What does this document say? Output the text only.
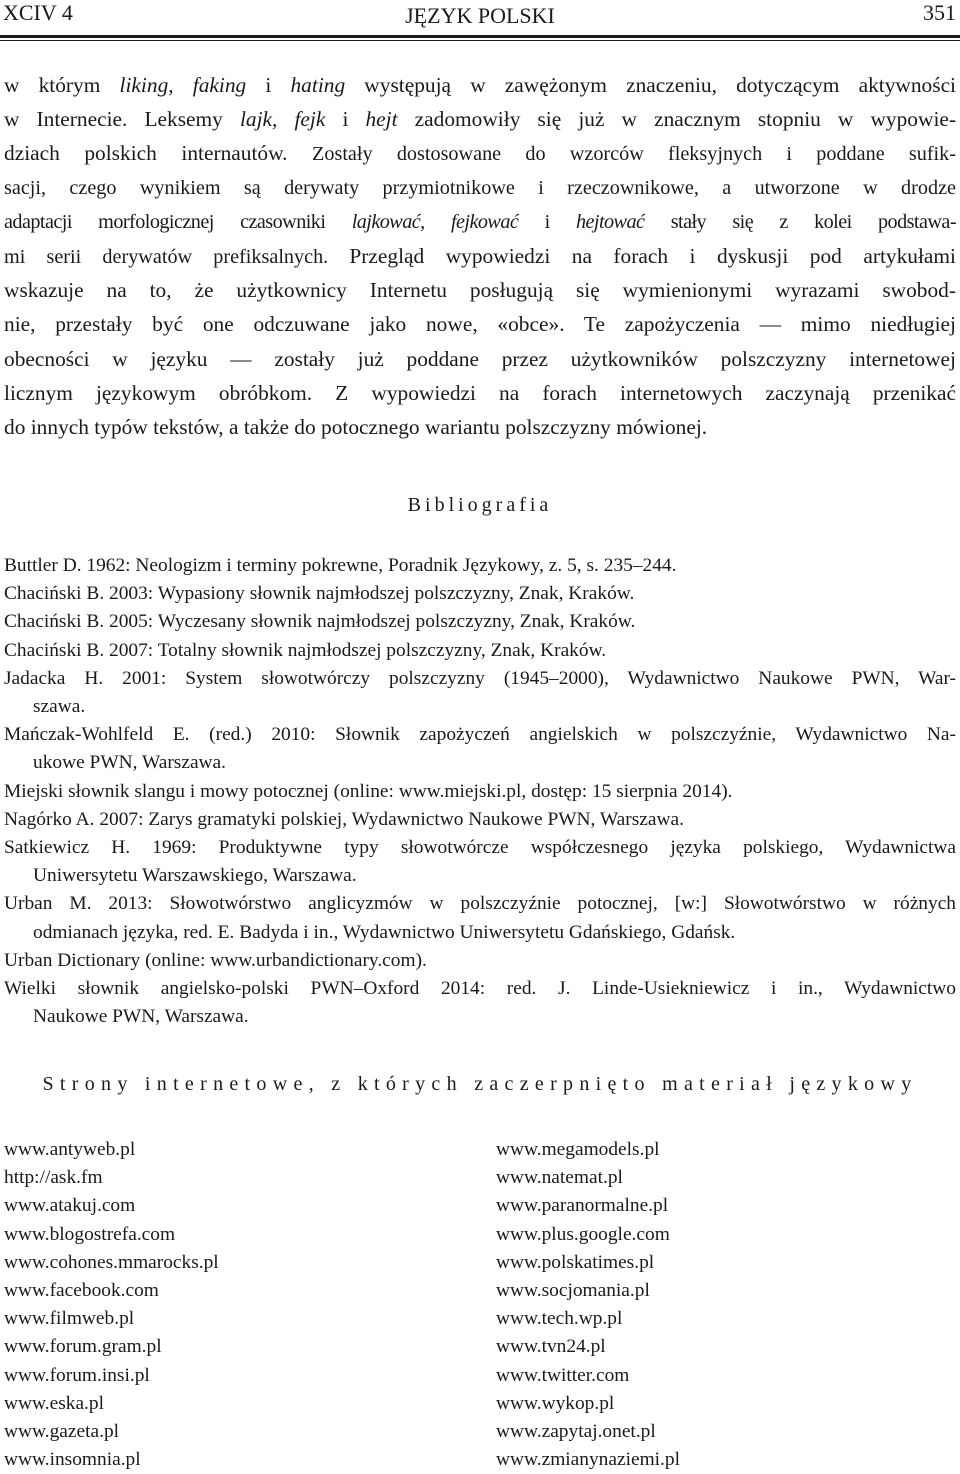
JĘZYK POLSKI
XCIV 4	351
w którym liking, faking i hating występują w zawężonym znaczeniu, dotyczącym aktywności
w Internecie. Leksemy lajk, fejk i hejt zadomowiły się już w znacznym stopniu w wypowie-
dziach polskich internautów. Zostały dostosowane do wzorców fleksyjnych i poddane sufik-
sacji, czego wynikiem są derywaty przymiotnikowe i rzeczownikowe, a utworzone w drodze
adaptacji morfologicznej czasowniki lajkować, fejkować i hejtować stały się z kolei podstawa-
mi serii derywatów prefiksalnych. Przegląd wypowiedzi na forach i dyskusji pod artykułami
wskazuje na to, że użytkownicy Internetu posługują się wymienionymi wyrazami swobod-
nie, przestały być one odczuwane jako nowe, «obce». Te zapożyczenia — mimo niedługiej
obecności w języku — zostały już poddane przez użytkowników polszczyzny internetowej
licznym językowym obróbkom. Z wypowiedzi na forach internetowych zaczynają przenikać
do innych typów tekstów, a także do potocznego wariantu polszczyzny mówionej.
Bibliografia
Buttler D. 1962: Neologizm i terminy pokrewne, Poradnik Językowy, z. 5, s. 235–244.
Chaciński B. 2003: Wypasiony słownik najmłodszej polszczyzny, Znak, Kraków.
Chaciński B. 2005: Wyczesany słownik najmłodszej polszczyzny, Znak, Kraków.
Chaciński B. 2007: Totalny słownik najmłodszej polszczyzny, Znak, Kraków.
Jadacka H. 2001: System słowotwórczy polszczyzny (1945–2000), Wydawnictwo Naukowe PWN, War-
szawa.
Mańczak-Wohlfeld E. (red.) 2010: Słownik zapożyczeń angielskich w polszczyźnie, Wydawnictwo Na-
ukowe PWN, Warszawa.
Miejski słownik slangu i mowy potocznej (online: www.miejski.pl, dostęp: 15 sierpnia 2014).
Nagórko A. 2007: Zarys gramatyki polskiej, Wydawnictwo Naukowe PWN, Warszawa.
Satkiewicz H. 1969: Produktywne typy słowotwórcze współczesnego języka polskiego, Wydawnictwa
Uniwersytetu Warszawskiego, Warszawa.
Urban M. 2013: Słowotwórstwo anglicyzmów w polszczyźnie potocznej, [w:] Słowotwórstwo w różnych
odmianach języka, red. E. Badyda i in., Wydawnictwo Uniwersytetu Gdańskiego, Gdańsk.
Urban Dictionary (online: www.urbandictionary.com).
Wielki słownik angielsko-polski PWN–Oxford 2014: red. J. Linde-Usiekniewicz i in., Wydawnictwo
Naukowe PWN, Warszawa.
Strony internetowe, z których zaczerpnięto materiał językowy
www.antyweb.pl
http://ask.fm
www.atakuj.com
www.blogostrefa.com
www.cohones.mmarocks.pl
www.facebook.com
www.filmweb.pl
www.forum.gram.pl
www.forum.insi.pl
www.eska.pl
www.gazeta.pl
www.insomnia.pl
www.megamodels.pl
www.natemat.pl
www.paranormalne.pl
www.plus.google.com
www.polskatimes.pl
www.socjomania.pl
www.tech.wp.pl
www.tvn24.pl
www.twitter.com
www.wykop.pl
www.zapytaj.onet.pl
www.zmianynaziemi.pl
